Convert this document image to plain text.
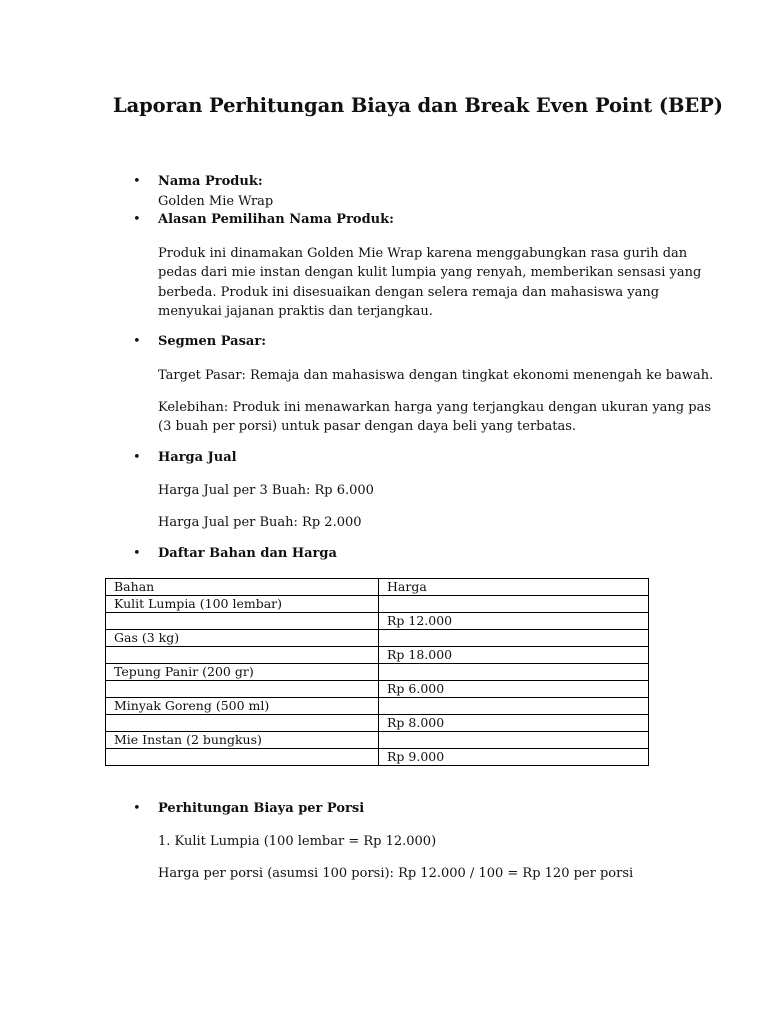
Laporan Perhitungan Biaya dan Break Even Point (BEP)
• Nama Produk:
Golden Mie Wrap
• Alasan Pemilihan Nama Produk:
Produk ini dinamakan Golden Mie Wrap karena menggabungkan rasa gurih dan
pedas dari mie instan dengan kulit lumpia yang renyah, memberikan sensasi yang
berbeda. Produk ini disesuaikan dengan selera remaja dan mahasiswa yang
menyukai jajanan praktis dan terjangkau.
• Segmen Pasar:
Target Pasar: Remaja dan mahasiswa dengan tingkat ekonomi menengah ke bawah.
Kelebihan: Produk ini menawarkan harga yang terjangkau dengan ukuran yang pas
(3 buah per porsi) untuk pasar dengan daya beli yang terbatas.
• Harga Jual
Harga Jual per 3 Buah: Rp 6.000
Harga Jual per Buah: Rp 2.000
• Daftar Bahan dan Harga
Bahan	Harga
Kulit Lumpia (100 lembar)	
	Rp 12.000
Gas (3 kg)	
	Rp 18.000
Tepung Panir (200 gr)	
	Rp 6.000
Minyak Goreng (500 ml)	
	Rp 8.000
Mie Instan (2 bungkus)	
	Rp 9.000
• Perhitungan Biaya per Porsi
1. Kulit Lumpia (100 lembar = Rp 12.000)
Harga per porsi (asumsi 100 porsi): Rp 12.000 / 100 = Rp 120 per porsi
